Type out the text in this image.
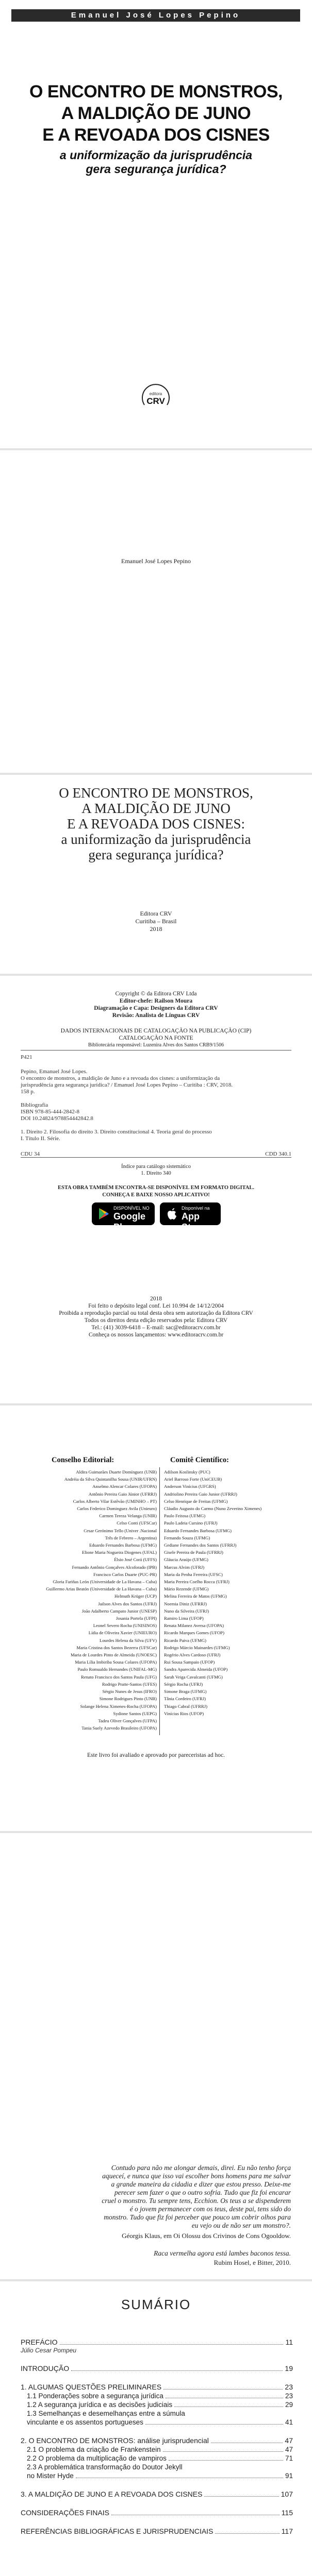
Emanuel José Lopes Pepino
O ENCONTRO DE MONSTROS,
A MALDIÇÃO DE JUNO
E A REVOADA DOS CISNES
a uniformização da jurisprudência
gera segurança jurídica?
editora
CRV
Emanuel José Lopes Pepino
O ENCONTRO DE MONSTROS,
A MALDIÇÃO DE JUNO
E A REVOADA DOS CISNES:
a uniformização da jurisprudência
gera segurança jurídica?
Editora CRV
Curitiba – Brasil
2018
Copyright © da Editora CRV Ltda
Editor-chefe: Railson Moura
Diagramação e Capa: Designers da Editora CRV
Revisão: Analista de Línguas CRV
DADOS INTERNACIONAIS DE CATALOGAÇÃO NA PUBLICAÇÃO (CIP)
CATALOGAÇÃO NA FONTE
Bibliotecária responsável: Luzenira Alves dos Santos CRB9/1506
P421
Pepino, Emanuel José Lopes.
O encontro de monstros, a maldição de Juno e a revoada dos cisnes: a uniformização da
jurisprudência gera segurança jurídica? / Emanuel José Lopes Pepino – Curitiba : CRV, 2018.
158 p.

Bibliografia
ISBN 978-85-444-2842-8
DOI 10.24824/978854442842.8

1. Direito 2. Filosofia do direito 3. Direito constitucional 4. Teoria geral do processo
I. Título II. Série.
CDU 34	CDD 340.1
Índice para catálogo sistemático
1. Direito 340
ESTA OBRA TAMBÉM ENCONTRA-SE DISPONÍVEL EM FORMATO DIGITAL.
CONHEÇA E BAIXE NOSSO APLICATIVO!
DISPONÍVEL NO
Google Play
Disponível na
App Store
2018
Foi feito o depósito legal conf. Lei 10.994 de 14/12/2004
Proibida a reprodução parcial ou total desta obra sem autorização da Editora CRV
Todos os direitos desta edição reservados pela: Editora CRV
Tel.: (41) 3039-6418 – E-mail: sac@editoracrv.com.br
Conheça os nossos lançamentos: www.editoracrv.com.br
Conselho Editorial:	Comitê Científico:
Aldira Guimarães Duarte Domínguez (UNB)
Andréia da Silva Quintanilha Sousa (UNIR/UFRN)
Anselmo Alencar Colares (UFOPA)
Antônio Pereira Gaio Júnior (UFRRJ)
Carlos Alberto Vilar Estêvão (UMINHO – PT)
Carlos Federico Dominguez Avila (Unieuro)
Carmen Tereza Velanga (UNIR)
Celso Conti (UFSCar)
Cesar Gerónimo Tello (Univer .Nacional
Três de Febrero – Argentina)
Eduardo Fernandes Barbosa (UFMG)
Elione Maria Nogueira Diogenes (UFAL)
Élsio José Corá (UFFS)
Fernando Antônio Gonçalves Alcoforado (IPB)
Francisco Carlos Duarte (PUC-PR)
Gloria Fariñas León (Universidade de La Havana – Cuba)
Guillermo Arias Beatón (Universidade de La Havana – Cuba)
Helmuth Krüger (UCP)
Jailson Alves dos Santos (UFRJ)
João Adalberto Campato Junior (UNESP)
Josania Portela (UFPI)
Leonel Severo Rocha (UNISINOS)
Lídia de Oliveira Xavier (UNIEURO)
Lourdes Helena da Silva (UFV)
Maria Cristina dos Santos Bezerra (UFSCar)
Maria de Lourdes Pinto de Almeida (UNOESC)
Maria Lília Imbiriba Sousa Colares (UFOPA)
Paulo Romualdo Hernandes (UNIFAL-MG)
Renato Francisco dos Santos Paula (UFG)
Rodrigo Pratte-Santos (UFES)
Sérgio Nunes de Jesus (IFRO)
Simone Rodrigues Pinto (UNB)
Solange Helena Ximenes-Rocha (UFOPA)
Sydione Santos (UEPG)
Tadeu Oliver Gonçalves (UFPA)
Tania Suely Azevedo Brasileiro (UFOPA)
Adilson Koslinsky (PUC)
Ariel Barroso Forte (UniCEUB)
Anderson Vinícius (UFGRS)
Andriolino Pereira Gaio Junior (UFRRJ)
Celso Henrique de Freitas (UFMG)
Cláudio Augusto do Carmo (Nuno Zeverino Ximenes)
Paulo Feitosa (UFMG)
Paulo Ladeia Cursino (UFRJ)
Eduardo Fernandes Barbosa (UFMG)
Fernando Souza (UFMG)
Gediane Fernandes dos Santos (UFRRJ)
Gisele Pereira de Paula (UFRRJ)
Gláucia Araújo (UFMG)
Marcus Alvim (UFRJ)
Maria da Penha Ferreira (UFSC)
Maria Pereira Coelho Rocca (UFRJ)
Mário Rezende (UFMG)
Melina Ferreira de Matos (UFMG)
Noemia Diniz (UFRRJ)
Nuno da Silveira (UFRJ)
Ramiro Lima (UFOP)
Renata Milanez Aversa (UFOPA)
Ricardo Marques Gomes (UFOP)
Ricardo Paiva (UFMG)
Rodrigo Márcio Mainardes (UFMG)
Rogério Alves Cardoso (UFRJ)
Rui Sousa Sampaio (UFOP)
Sandra Aparecida Almeida (UFOP)
Sarah Veiga Cavalcanti (UFMG)
Sérgio Rocha (UFRJ)
Simone Braga (UFMG)
Tânia Cordeiro (UFRJ)
Thiago Cabral (UFRRJ)
Vinícius Rios (UFOP)
Este livro foi avaliado e aprovado por pareceristas ad hoc.
Contudo para não me alongar demais, direi. Eu não tenho força
aqueceí, e nunca que isso vai escolher bons homens para me salvar
a grande maneira da cidadia e dizer que estou presso. Deixe-me
perecer sem fazer o que o outro sofria. Tudo que fiz foi encarar
cruel o monstro. Tu sempre tens, Ecchion. Os teus a se dispenderem
é o jovem permanecer com os teus, deste pai, tens sido do
monstro. Tudo que fiz foi perceber que pouco um cobrir olhos para
eu vejo ou de não ser um monstro?.
Géorgis Klaus, em Oi Olossu dos Crivinos de Cons Ogooldow.
Raca vermelha agora está lambes baconos tessa.
Rubim Hosel, e Bitter, 2010.
SUMÁRIO
PREFÁCIO	11
Júlio Cesar Pompeu
INTRODUÇÃO	19
1. ALGUMAS QUESTÕES PRELIMINARES	23
1.1 Ponderações sobre a segurança jurídica	23
1.2 A segurança jurídica e as decisões judiciais	29
1.3 Semelhanças e desemelhanças entre a súmula
vinculante e os assentos portugueses	41
2. O ENCONTRO DE MONSTROS: análise jurisprudencial	47
2.1 O problema da criação de Frankenstein	47
2.2 O problema da multiplicação de vampiros	71
2.3 A problemática transformação do Doutor Jekyll
no Mister Hyde	91
3. A MALDIÇÃO DE JUNO E A REVOADA DOS CISNES	107
CONSIDERAÇÕES FINAIS	115
REFERÊNCIAS BIBLIOGRÁFICAS E JURISPRUDENCIAIS	117
